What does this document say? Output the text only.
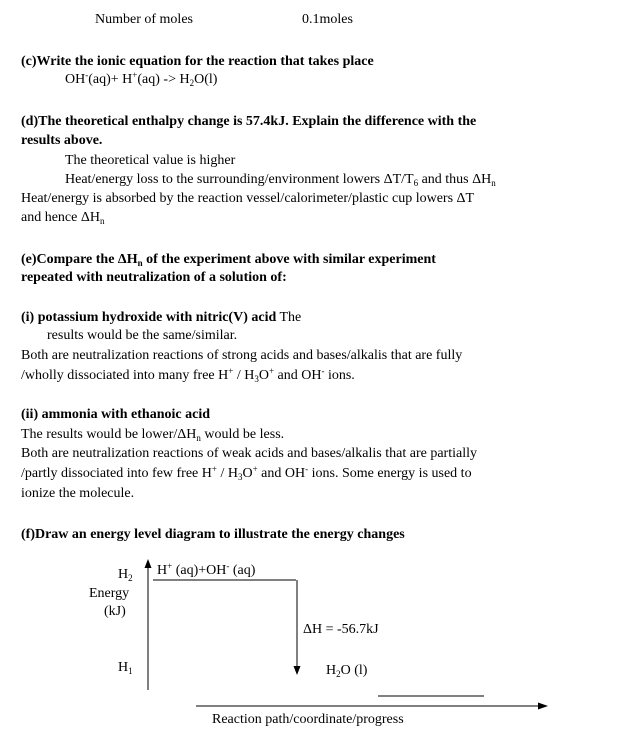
Number of moles	0.1moles
(c)Write the ionic equation for the reaction that takes place
$OH^-(aq)+ H^+(aq) -> H_2O(l)$
(d)The theoretical enthalpy change is 57.4kJ. Explain the difference with the
results above.
The theoretical value is higher
Heat/energy loss to the surrounding/environment lowers $\Delta T/T_6$ and thus $\Delta H_n$
Heat/energy is absorbed by the reaction vessel/calorimeter/plastic cup lowers ΔT
and hence $\Delta H_n$
(e)Compare the $\Delta H_n$ of the experiment above with similar experiment
repeated with neutralization of a solution of:
(i) potassium hydroxide with nitric(V) acid The
results would be the same/similar.
Both are neutralization reactions of strong acids and bases/alkalis that are fully
/wholly dissociated into many free $H^+ / H_3O^+$ and OH- ions.
(ii) ammonia with ethanoic acid
The results would be lower/$\Delta H_n$ would be less.
Both are neutralization reactions of weak acids and bases/alkalis that are partially
/partly dissociated into few free $H^+ / H_3O^+$ and OH- ions. Some energy is used to
ionize the molecule.
(f)Draw an energy level diagram to illustrate the energy changes
$H_2$
Energy
(kJ)
$H_1$
H+ (aq)+OH- (aq)
ΔH = -56.7kJ
$H_2O$ (l)
Reaction path/coordinate/progress
